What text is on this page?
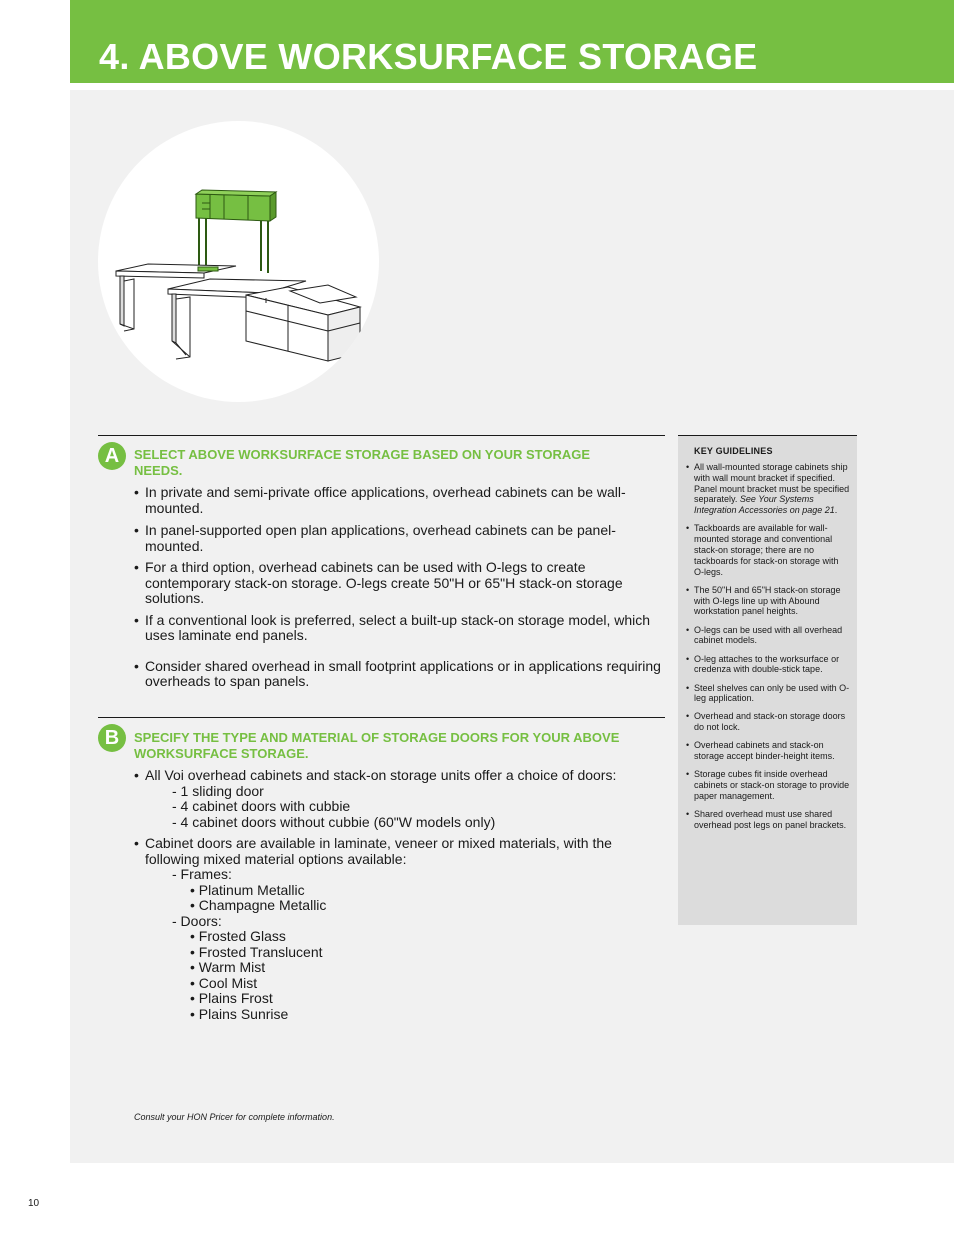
4. ABOVE WORKSURFACE STORAGE
A	SELECT ABOVE WORKSURFACE STORAGE BASED ON YOUR STORAGE NEEDS.

• In private and semi-private office applications, overhead cabinets can be wall-mounted.

• In panel-supported open plan applications, overhead cabinets can be panel-mounted.

• For a third option, overhead cabinets can be used with O-legs to create contemporary stack-on storage. O-legs create 50"H or 65"H stack-on storage solutions.

• If a conventional look is preferred, select a built-up stack-on storage model, which uses laminate end panels.

• Consider shared overhead in small footprint applications or in applications requiring overheads to span panels.

B	SPECIFY THE TYPE AND MATERIAL OF STORAGE DOORS FOR YOUR ABOVE WORKSURFACE STORAGE.

• All Voi overhead cabinets and stack-on storage units offer a choice of doors:

- 1 sliding door

- 4 cabinet doors with cubbie

- 4 cabinet doors without cubbie (60"W models only)

• Cabinet doors are available in laminate, veneer or mixed materials, with the following mixed material options available:

- Frames:

• Platinum Metallic

• Champagne Metallic

- Doors:

• Frosted Glass

• Frosted Translucent

• Warm Mist

• Cool Mist

• Plains Frost

• Plains Sunrise

KEY GUIDELINES
• All wall-mounted storage cabinets ship with wall mount bracket if specified. Panel mount bracket must be specified separately. See Your Systems Integration Accessories on page 21.
• Tackboards are available for wall-mounted storage and conventional stack-on storage; there are no tackboards for stack-on storage with O-legs.
• The 50"H and 65"H stack-on storage with O-legs line up with Abound workstation panel heights.
• O-legs can be used with all overhead cabinet models.
• O-leg attaches to the worksurface or credenza with double-stick tape.
• Steel shelves can only be used with O-leg application.
• Overhead and stack-on storage doors do not lock.
• Overhead cabinets and stack-on storage accept binder-height items.
• Storage cubes fit inside overhead cabinets or stack-on storage to provide paper management.
• Shared overhead must use shared overhead post legs on panel brackets.
Consult your HON Pricer for complete information.
10
